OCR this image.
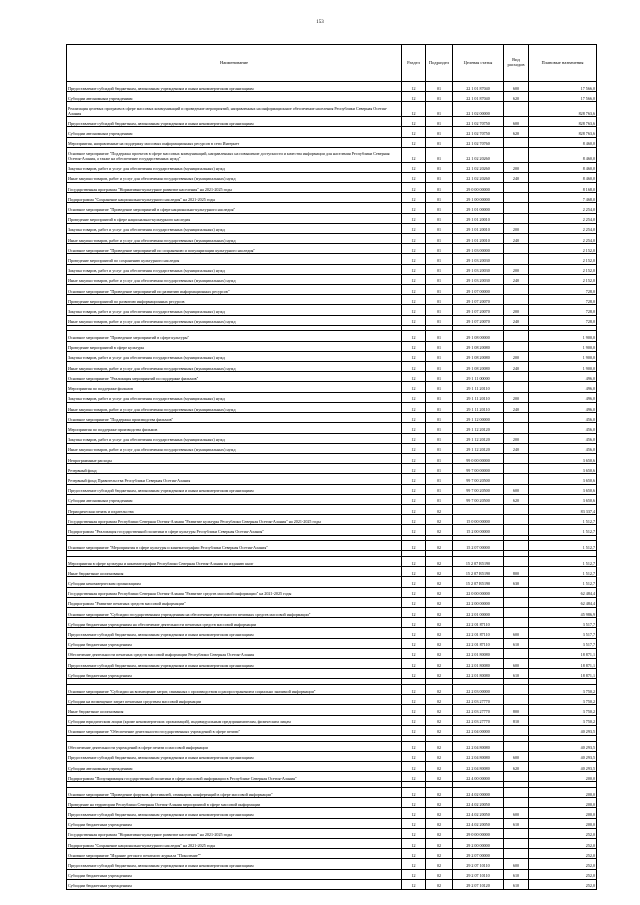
153
Наименование	Раздел	Подраздел	Целевая статья	Вид расходов	Плановые назначения
Предоставление субсидий бюджетным, автономным учреждениям и иным некоммерческим организациям	12	01	22 1 01 87040	600	17 566,0
Субсидии автономным учреждениям	12	01	22 1 01 87040	620	17 566,0
Реализация целевых программ в сфере массовых коммуникаций и проведение мероприятий, направленных на информационное обеспечение населения Республики Северная Осетия-Алания	12	01	22 1 02 00000		828 763,6
Предоставление субсидий бюджетным, автономным учреждениям и иным некоммерческим организациям	12	01	22 1 02 70750	600	828 763,6
Субсидии автономным учреждениям	12	01	22 1 02 70750	620	828 763,6
Мероприятия, направленные на поддержку массовых информационных ресурсов в сети Интернет	12	01	22 1 02 70760		8 460,0
Основное мероприятие "Поддержка проектов в сфере массовых коммуникаций, направленных на повышение доступности и качества информации для населения Республики Северная Осетия-Алания, а также на обеспечение государственных нужд"	12	01	22 1 02 20260		8 460,0
Закупка товаров, работ и услуг для обеспечения государственных (муниципальных) нужд	12	01	22 1 02 20260	200	8 460,0
Иные закупки товаров, работ и услуг для обеспечения государственных (муниципальных) нужд	12	01	22 1 02 20260	240	8 460,0
Государственная программа "Нормативно-культурное развитие населения" на 2021-2025 годы	12	01	29 0 00 00000		8 168,0
Подпрограмма "Сохранение национально-культурного наследия" на 2021-2025 годы	12	01	29 1 00 00000		7 468,0
Основное мероприятие "Проведение мероприятий в сфере национально-культурного наследия"	12	01	29 1 01 00000		2 254,0
Проведение мероприятий в сфере национально-культурного наследия	12	01	29 1 01 20010		2 254,0
Закупка товаров, работ и услуг для обеспечения государственных (муниципальных) нужд	12	01	29 1 01 20010	200	2 254,0
Иные закупки товаров, работ и услуг для обеспечения государственных (муниципальных) нужд	12	01	29 1 01 20010	240	2 254,0
Основное мероприятие "Проведение мероприятий по сохранению и популяризации культурного наследия"	12	01	29 1 03 00000		2 152,0
Проведение мероприятий по сохранению культурного наследия	12	01	29 1 03 20030		2 152,0
Закупка товаров, работ и услуг для обеспечения государственных (муниципальных) нужд	12	01	29 1 03 20030	200	2 152,0
Иные закупки товаров, работ и услуг для обеспечения государственных (муниципальных) нужд	12	01	29 1 03 20030	240	2 152,0
Основное мероприятие "Проведение мероприятий по развитию информационных ресурсов"	12	01	29 1 07 00000		728,0
Проведение мероприятий по развитию информационных ресурсов	12	01	29 1 07 20070		728,0
Закупка товаров, работ и услуг для обеспечения государственных (муниципальных) нужд	12	01	29 1 07 20070	200	728,0
Иные закупки товаров, работ и услуг для обеспечения государственных (муниципальных) нужд	12	01	29 1 07 20070	240	728,0

Основное мероприятие "Проведение мероприятий в сфере культуры"	12	01	29 1 08 00000		1 900,0
Проведение мероприятий в сфере культуры	12	01	29 1 08 20080		1 900,0
Закупка товаров, работ и услуг для обеспечения государственных (муниципальных) нужд	12	01	29 1 08 20080	200	1 900,0
Иные закупки товаров, работ и услуг для обеспечения государственных (муниципальных) нужд	12	01	29 1 08 20080	240	1 900,0
Основное мероприятие "Реализация мероприятий по поддержке фильмов"	12	01	29 1 11 00000		496,0
Мероприятия по поддержке фильмов	12	01	29 1 11 20110		496,0
Закупка товаров, работ и услуг для обеспечения государственных (муниципальных) нужд	12	01	29 1 11 20110	200	496,0
Иные закупки товаров, работ и услуг для обеспечения государственных (муниципальных) нужд	12	01	29 1 11 20110	240	496,0
Основное мероприятие "Поддержка производства фильмов"	12	01	29 1 12 00000		456,0
Мероприятия по поддержке производства фильмов	12	01	29 1 12 20120		456,0
Закупка товаров, работ и услуг для обеспечения государственных (муниципальных) нужд	12	01	29 1 12 20120	200	456,0
Иные закупки товаров, работ и услуг для обеспечения государственных (муниципальных) нужд	12	01	29 1 12 20120	240	456,0
Непрограммные расходы	12	01	99 0 00 00000		3 650,6
Резервный фонд	12	01	99 7 00 00000		3 650,6
Резервный фонд Правительства Республики Северная Осетия-Алания	12	01	99 7 00 20500		3 650,6
Предоставление субсидий бюджетным, автономным учреждениям и иным некоммерческим организациям	12	01	99 7 00 20500	600	3 650,6
Субсидии автономным учреждениям	12	01	99 7 00 20500	620	3 650,6
Периодическая печать и издательства	12	02			83 337,4
Государственная программа Республики Северная Осетия-Алания "Развитие культуры Республики Северная Осетия-Алания" на 2021-2025 годы	12	02	15 0 00 00000		1 512,7
Подпрограмма "Реализация государственной политики в сфере культуры Республики Северная Осетия-Алания"	12	02	15 2 00 00000		1 512,7

Основное мероприятие "Мероприятия в сфере культуры и кинематографии Республики Северная Осетия-Алания"	12	02	15 2 07 00000		1 512,7

Мероприятия в сфере культуры и кинематографии Республики Северная Осетия-Алания по изданию книг	12	02	15 2 07 R5190		1 512,7
Иные бюджетные ассигнования	12	02	15 2 07 R5190	800	1 512,7
Субсидии некоммерческим организациям	12	02	15 2 07 R5190	630	1 512,7
Государственная программа Республики Северная Осетия-Алания "Развитие средств массовой информации" на 2021-2025 годы	12	02	22 0 00 00000		62 484,4
Подпрограмма "Развитие печатных средств массовой информации"	12	02	22 2 00 00000		62 484,4
Основное мероприятие "Субсидии государственным учреждениям на обеспечение деятельности печатных средств массовой информации"	12	02	22 2 01 00000		45 986,9
Субсидии бюджетным учреждениям на обеспечение деятельности печатных средств массовой информации	12	02	22 2 01 87110		3 517,7
Предоставление субсидий бюджетным, автономным учреждениям и иным некоммерческим организациям	12	02	22 2 01 87110	600	3 517,7
Субсидии бюджетным учреждениям	12	02	22 2 01 87110	610	3 517,7
Обеспечение деятельности печатных средств массовой информации Республики Северная Осетия-Алания	12	02	22 2 01 80080		18 871,1
Предоставление субсидий бюджетным, автономным учреждениям и иным некоммерческим организациям	12	02	22 2 01 80080	600	18 871,1
Субсидии бюджетным учреждениям	12	02	22 2 01 80080	610	18 871,1

Основное мероприятие "Субсидии на возмещение затрат, связанных с производством и распространением социально значимой информации"	12	02	22 2 03 00000		3 750,2
Субсидии на возмещение затрат печатным средствам массовой информации	12	02	22 2 03 27770		3 750,2
Иные бюджетные ассигнования	12	02	22 2 03 27770	800	3 750,2
Субсидии юридическим лицам (кроме некоммерческих организаций), индивидуальным предпринимателям, физическим лицам	12	02	22 2 03 27770	810	3 750,2
Основное мероприятие "Обеспечение деятельности государственных учреждений в сфере печати"	12	02	22 2 04 00000		40 293,5

Обеспечение деятельности учреждений в сфере печати и массовой информации	12	02	22 2 04 80080		40 293,5
Предоставление субсидий бюджетным, автономным учреждениям и иным некоммерческим организациям	12	02	22 2 04 80080	600	40 293,5
Субсидии автономным учреждениям	12	02	22 2 04 80080	620	40 293,5
Подпрограмма "Популяризация государственной политики в сфере массовой информации в Республике Северная Осетия-Алания"	12	02	22 4 00 00000		200,0

Основное мероприятие "Проведение форумов, фестивалей, семинаров, конференций в сфере массовой информации"	12	02	22 4 02 00000		200,0
Проведение на территории Республики Северная Осетия-Алания мероприятий в сфере массовой информации	12	02	22 4 02 20050		200,0
Предоставление субсидий бюджетным, автономным учреждениям и иным некоммерческим организациям	12	02	22 4 02 20050	600	200,0
Субсидии бюджетным учреждениям	12	02	22 4 02 20050	610	200,0
Государственная программа "Нормативно-культурное развитие населения" на 2021-2025 годы	12	02	29 0 00 00000		252,0
Подпрограмма "Сохранение национально-культурного наследия" на 2021-2025 годы	12	02	29 2 00 00000		252,0
Основное мероприятие "Издание детского печатного журнала "Поколение""	12	02	29 2 07 00000		252,0
Предоставление субсидий бюджетным, автономным учреждениям и иным некоммерческим организациям	12	02	29 2 07 10110	600	252,0
Субсидии бюджетным учреждениям	12	02	29 2 07 10110	610	252,0
Субсидии бюджетным учреждениям	12	02	29 2 07 10120	610	252,0
